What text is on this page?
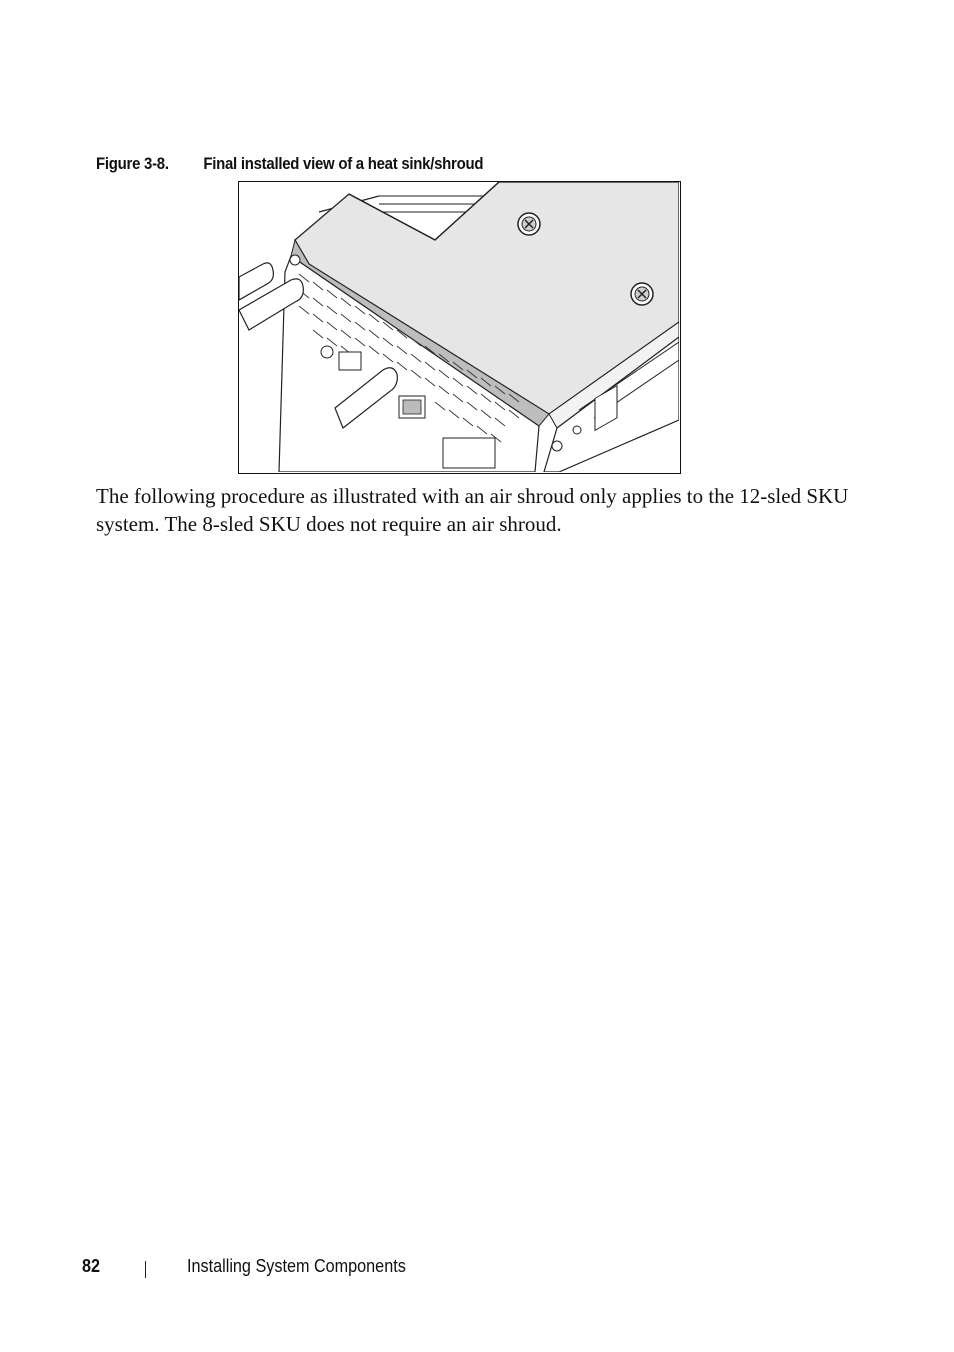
Figure 3-8. Final installed view of a heat sink/shroud

The following procedure as illustrated with an air shroud only applies to the 12-sled SKU system. The 8-sled SKU does not require an air shroud.

82	Installing System Components
